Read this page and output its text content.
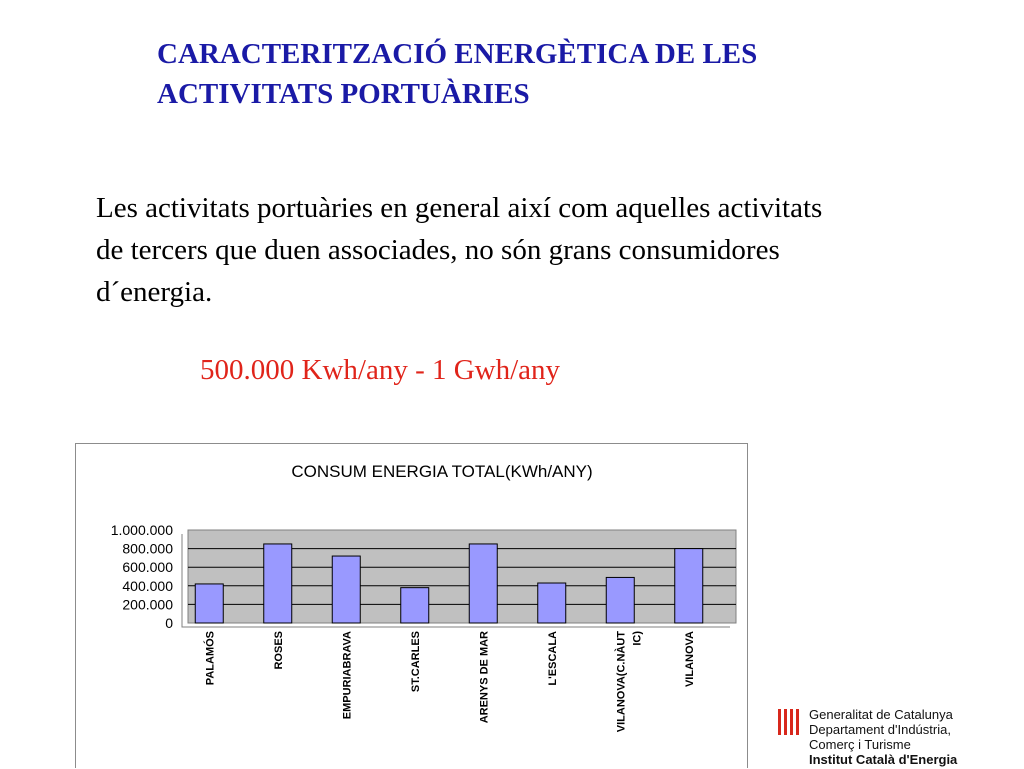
CARACTERITZACIÓ ENERGÈTICA DE LES
ACTIVITATS PORTUÀRIES
Les activitats portuàries en general així com aquelles activitats
de tercers que duen associades, no són grans consumidores
d´energia.
500.000 Kwh/any - 1 Gwh/any
CONSUM ENERGIA TOTAL(KWh/ANY)
1.000.000
800.000
600.000
400.000
200.000
0
PALAMÓS	ROSES	EMPURIABRAVA	ST.CARLES	ARENYS DE MAR	L'ESCALA	VILANOVA(C.NÀUT IC)	VILANOVA
Generalitat de Catalunya
Departament d'Indústria,
Comerç i Turisme
Institut Català d'Energia
